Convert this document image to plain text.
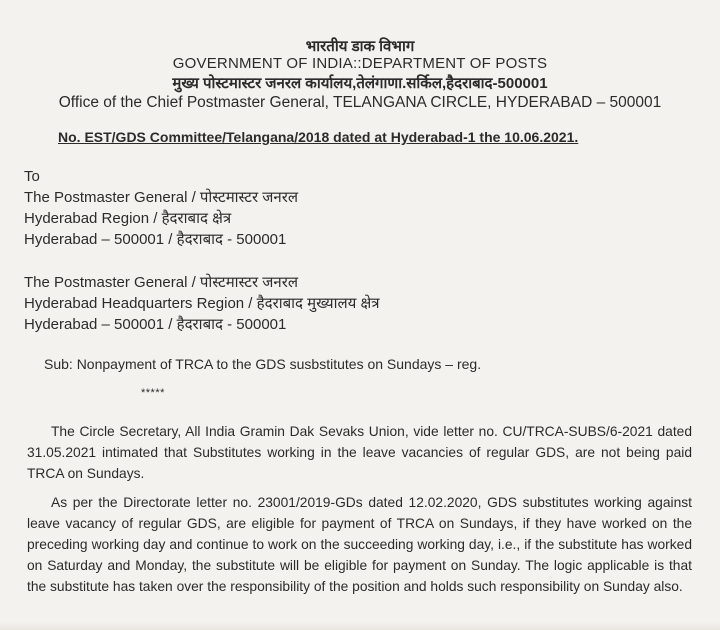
भारतीय डाक विभाग
GOVERNMENT OF INDIA::DEPARTMENT OF POSTS
मुख्य पोस्टमास्टर जनरल कार्यालय,तेलंगाणा.सर्किल,हैदराबाद-500001
Office of the Chief Postmaster General, TELANGANA CIRCLE, HYDERABAD – 500001
No. EST/GDS Committee/Telangana/2018 dated at Hyderabad-1 the 10.06.2021.
To
The Postmaster General / पोस्टमास्टर जनरल
Hyderabad Region / हैदराबाद क्षेत्र
Hyderabad – 500001 / हैदराबाद - 500001
The Postmaster General / पोस्टमास्टर जनरल
Hyderabad Headquarters Region / हैदराबाद मुख्यालय क्षेत्र
Hyderabad – 500001 / हैदराबाद - 500001
Sub: Nonpayment of TRCA to the GDS susbstitutes on Sundays – reg.
*****
The Circle Secretary, All India Gramin Dak Sevaks Union, vide letter no. CU/TRCA-SUBS/6-2021 dated 31.05.2021 intimated that Substitutes working in the leave vacancies of regular GDS, are not being paid TRCA on Sundays.
As per the Directorate letter no. 23001/2019-GDs dated 12.02.2020, GDS substitutes working against leave vacancy of regular GDS, are eligible for payment of TRCA on Sundays, if they have worked on the preceding working day and continue to work on the succeeding working day, i.e., if the substitute has worked on Saturday and Monday, the substitute will be eligible for payment on Sunday. The logic applicable is that the substitute has taken over the responsibility of the position and holds such responsibility on Sunday also.
